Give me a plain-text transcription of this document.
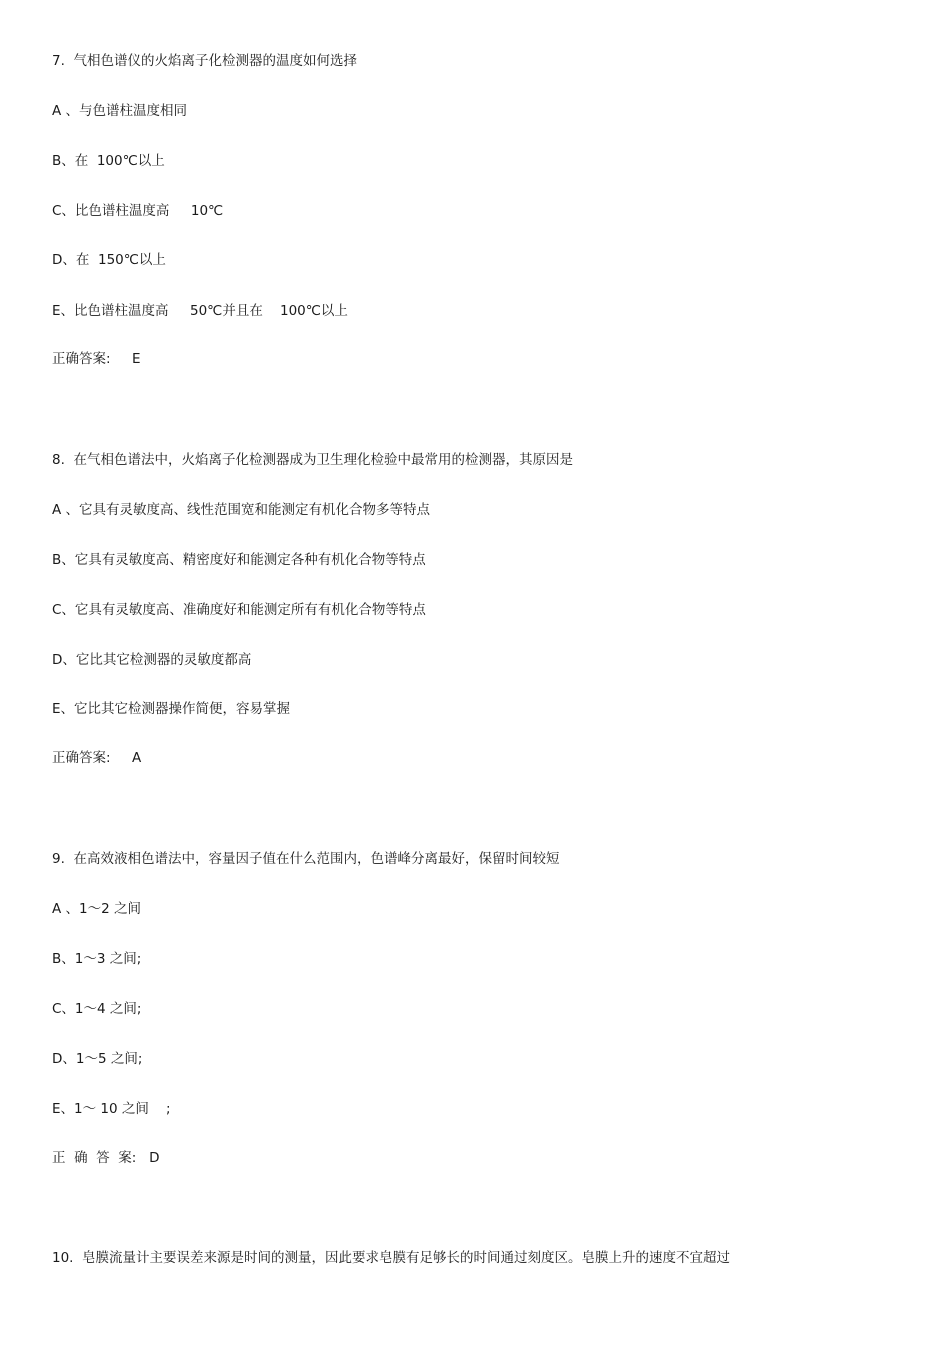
7.  气相色谱仪的火焰离子化检测器的温度如何选择
A 、与色谱柱温度相同
B、在  100℃以上
C、比色谱柱温度高     10℃
D、在  150℃以上
E、比色谱柱温度高     50℃并且在    100℃以上
正确答案:     E
8.  在气相色谱法中，火焰离子化检测器成为卫生理化检验中最常用的检测器，其原因是
A 、它具有灵敏度高、线性范围宽和能测定有机化合物多等特点
B、它具有灵敏度高、精密度好和能测定各种有机化合物等特点
C、它具有灵敏度高、准确度好和能测定所有有机化合物等特点
D、它比其它检测器的灵敏度都高
E、它比其它检测器操作简便，容易掌握
正确答案:     A
9.  在高效液相色谱法中，容量因子值在什么范围内，色谱峰分离最好，保留时间较短
A 、1～2 之间
B、1～3 之间;
C、1～4 之间;
D、1～5 之间;
E、1～ 10 之间    ;
正  确  答  案:   D
10.  皂膜流量计主要误差来源是时间的测量，因此要求皂膜有足够长的时间通过刻度区。皂膜上升的速度不宜超过
